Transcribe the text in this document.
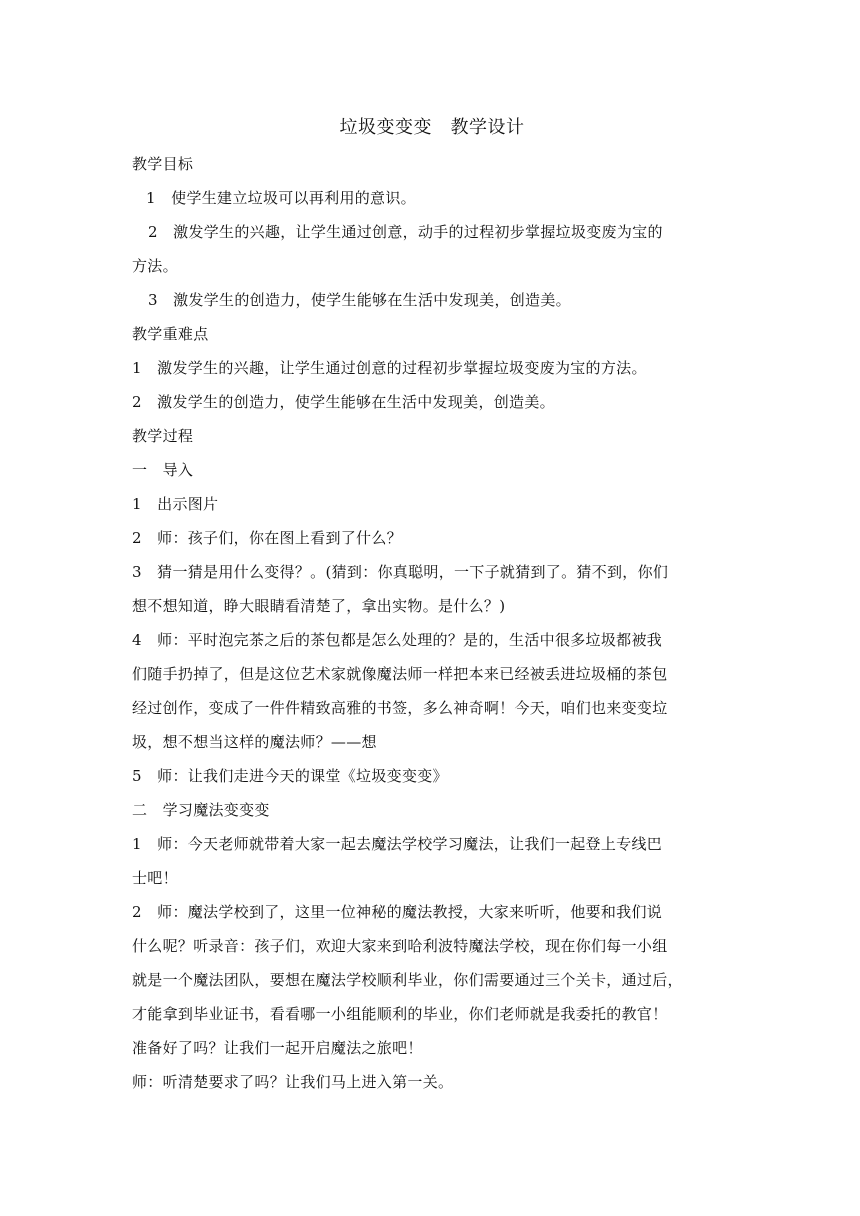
垃圾变变变　教学设计

教学目标

1　使学生建立垃圾可以再利用的意识。

2　激发学生的兴趣，让学生通过创意，动手的过程初步掌握垃圾变废为宝的

方法。

3　激发学生的创造力，使学生能够在生活中发现美，创造美。

教学重难点

1　激发学生的兴趣，让学生通过创意的过程初步掌握垃圾变废为宝的方法。

2　激发学生的创造力，使学生能够在生活中发现美，创造美。

教学过程

一　导入

1　出示图片

2　师：孩子们，你在图上看到了什么？

3　猜一猜是用什么变得？。(猜到：你真聪明，一下子就猜到了。猜不到，你们

想不想知道，睁大眼睛看清楚了，拿出实物。是什么？)

4　师：平时泡完茶之后的茶包都是怎么处理的？是的，生活中很多垃圾都被我

们随手扔掉了，但是这位艺术家就像魔法师一样把本来已经被丢进垃圾桶的茶包

经过创作，变成了一件件精致高雅的书签，多么神奇啊！今天，咱们也来变变垃

圾，想不想当这样的魔法师？——想

5　师：让我们走进今天的课堂《垃圾变变变》

二　学习魔法变变变

1　师：今天老师就带着大家一起去魔法学校学习魔法，让我们一起登上专线巴

士吧！

2　师：魔法学校到了，这里一位神秘的魔法教授，大家来听听，他要和我们说

什么呢？听录音：孩子们，欢迎大家来到哈利波特魔法学校，现在你们每一小组

就是一个魔法团队，要想在魔法学校顺利毕业，你们需要通过三个关卡，通过后，

才能拿到毕业证书，看看哪一小组能顺利的毕业，你们老师就是我委托的教官！

准备好了吗？让我们一起开启魔法之旅吧！

师：听清楚要求了吗？让我们马上进入第一关。
